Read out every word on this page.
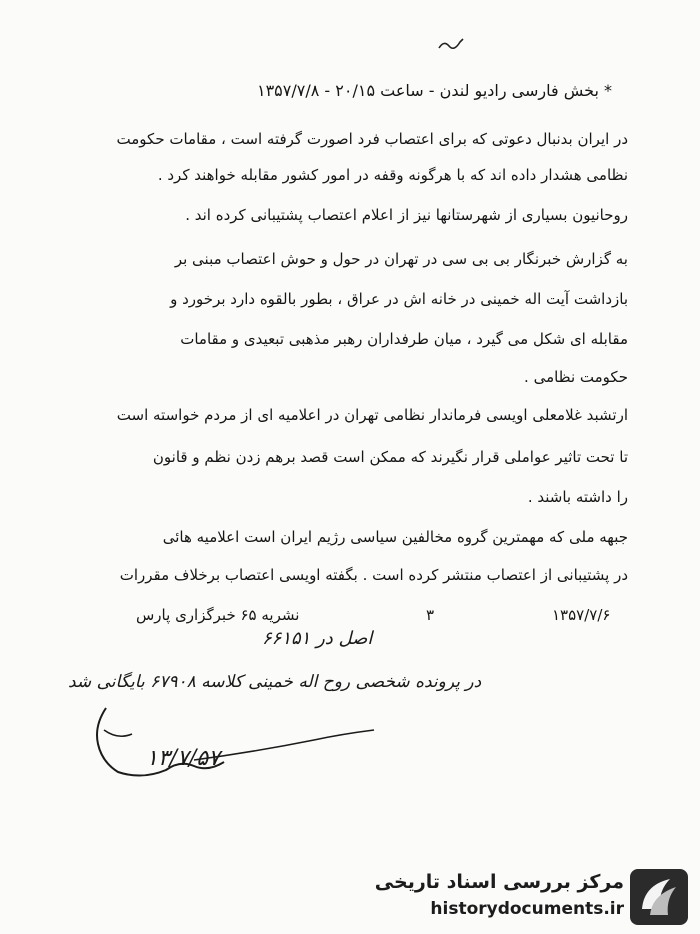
* بخش فارسی رادیو لندن - ساعت ۲۰/۱۵ - ۱۳۵۷/۷/۸
در ایران بدنبال دعوتی که برای اعتصاب فرد اصورت گرفته است ، مقامات حکومت
نظامی هشدار داده اند که با هرگونه وقفه در امور کشور مقابله خواهند کرد .
روحانیون بسیاری از شهرستانها نیز از اعلام اعتصاب پشتیبانی کرده اند .
به گزارش خبرنگار بی بی سی در تهران در حول و حوش اعتصاب مبنی بر
بازداشت آیت اله خمینی در خانه اش در عراق ، بطور بالقوه دارد برخورد و
مقابله ای شکل می گیرد ، میان طرفداران رهبر مذهبی تبعیدی و مقامات
حکومت نظامی .
ارتشبد غلامعلی اویسی فرماندار نظامی تهران در اعلامیه ای از مردم خواسته است
تا تحت تاثیر عواملی قرار نگیرند که ممکن است قصد برهم زدن نظم و قانون
را داشته باشند .
جبهه ملی که مهمترین گروه مخالفین سیاسی رژیم ایران است اعلامیه هائی
در پشتیبانی از اعتصاب منتشر کرده است . بگفته اویسی اعتصاب برخلاف مقررات
۱۳۵۷/۷/۶
۳
نشریه ۶۵ خبرگزاری پارس
اصل در ۶۶۱۵۱
در پرونده شخصی روح اله خمینی کلاسه ۶۷۹۰۸ بایگانی شد
۱۳/۷/۵۷
مرکز بررسی اسناد تاریخی
historydocuments.ir
